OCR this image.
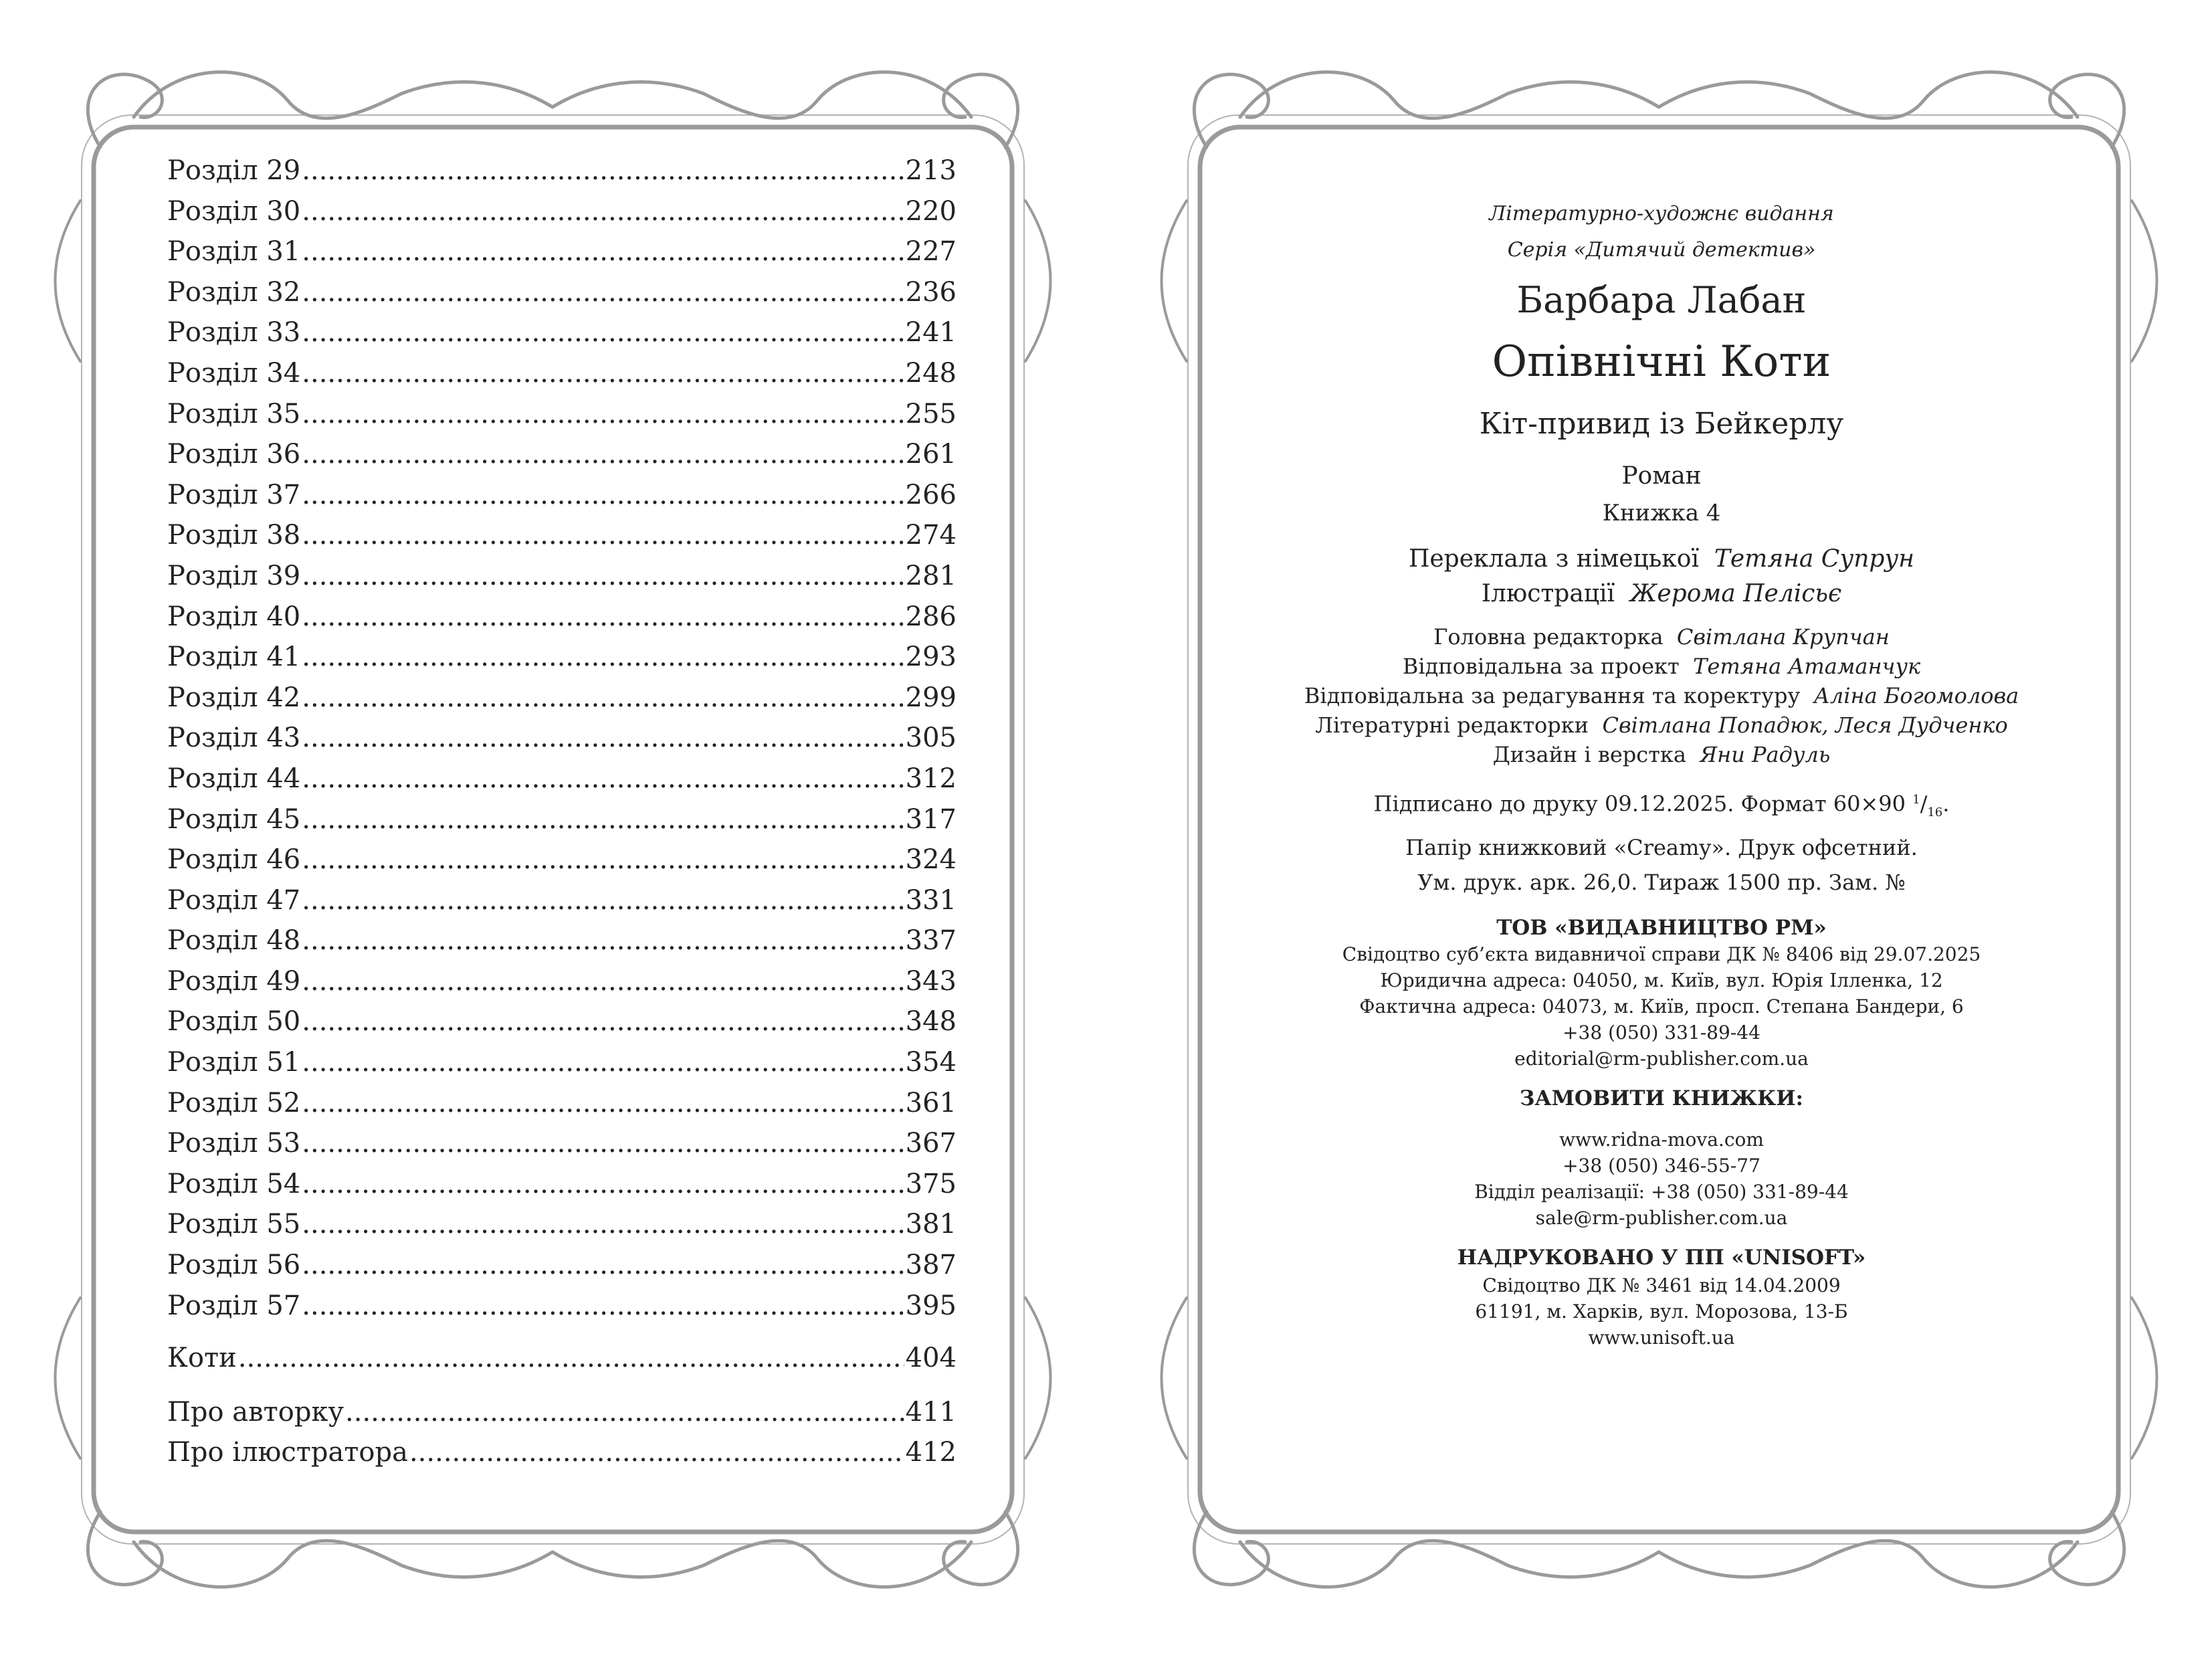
Розділ 29 .....	213
Розділ 30 .....	220
Розділ 31 .....	227
Розділ 32 .....	236
Розділ 33 .....	241
Розділ 34 .....	248
Розділ 35 .....	255
Розділ 36 .....	261
Розділ 37 .....	266
Розділ 38 .....	274
Розділ 39 .....	281
Розділ 40 .....	286
Розділ 41 .....	293
Розділ 42 .....	299
Розділ 43 .....	305
Розділ 44 .....	312
Розділ 45 .....	317
Розділ 46 .....	324
Розділ 47 .....	331
Розділ 48 .....	337
Розділ 49 .....	343
Розділ 50 .....	348
Розділ 51 .....	354
Розділ 52 .....	361
Розділ 53 .....	367
Розділ 54 .....	375
Розділ 55 .....	381
Розділ 56 .....	387
Розділ 57 .....	395
Коти .....	404
Про авторку .....	411
Про ілюстратора .....	412
Літературно-художнє видання
Серія «Дитячий детектив»
Барбара Лабан
Опівнічні Коти
Кіт-привид із Бейкерлу
Роман
Книжка 4
Переклала з німецької Тетяна Супрун
Ілюстрації Жерома Пелісьє
Головна редакторка Світлана Крупчан
Відповідальна за проект Тетяна Атаманчук
Відповідальна за редагування та коректуру Аліна Богомолова
Літературні редакторки Світлана Попадюк, Леся Дудченко
Дизайн і верстка Яни Радуль
Підписано до друку 09.12.2025. Формат 60×90 $^1/_{16}$.
Папір книжковий «Creamy». Друк офсетний.
Ум. друк. арк. 26,0. Тираж 1500 пр. Зам. №
ТОВ «ВИДАВНИЦТВО РМ»
Свідоцтво суб’єкта видавничої справи ДК № 8406 від 29.07.2025
Юридична адреса: 04050, м. Київ, вул. Юрія Ілленка, 12
Фактична адреса: 04073, м. Київ, просп. Степана Бандери, 6
+38 (050) 331-89-44
editorial@rm-publisher.com.ua
ЗАМОВИТИ КНИЖКИ:
www.ridna-mova.com
+38 (050) 346-55-77
Відділ реалізації: +38 (050) 331-89-44
sale@rm-publisher.com.ua
НАДРУКОВАНО У ПП «UNISOFT»
Свідоцтво ДК № 3461 від 14.04.2009
61191, м. Харків, вул. Морозова, 13-Б
www.unisoft.ua
